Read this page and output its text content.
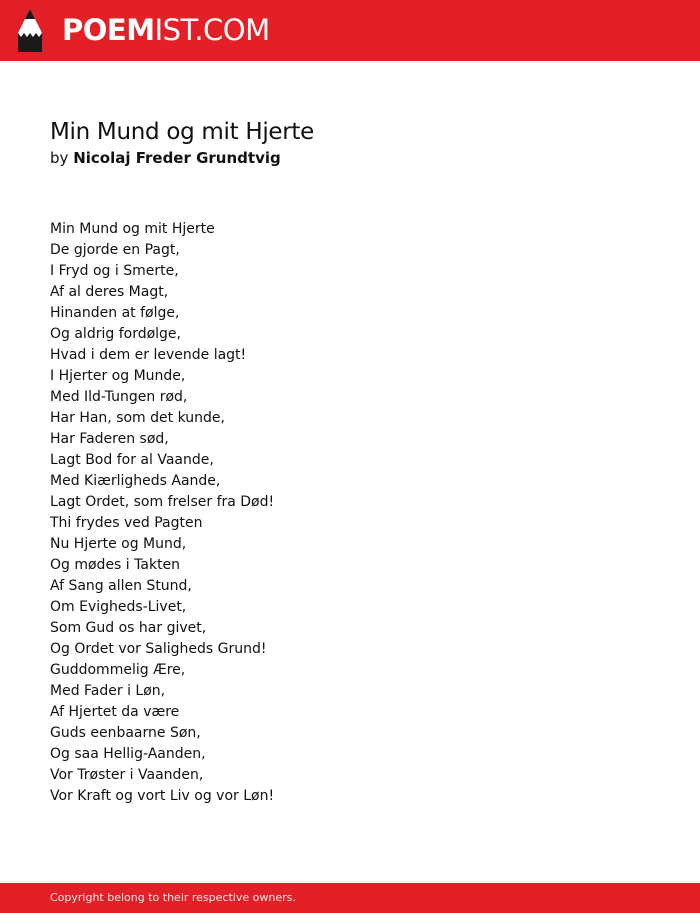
POEMIST.COM
Min Mund og mit Hjerte
by Nicolaj Freder Grundtvig
Min Mund og mit Hjerte
De gjorde en Pagt,
I Fryd og i Smerte,
Af al deres Magt,
Hinanden at følge,
Og aldrig fordølge,
Hvad i dem er levende lagt!
I Hjerter og Munde,
Med Ild-Tungen rød,
Har Han, som det kunde,
Har Faderen sød,
Lagt Bod for al Vaande,
Med Kiærligheds Aande,
Lagt Ordet, som frelser fra Død!
Thi frydes ved Pagten
Nu Hjerte og Mund,
Og mødes i Takten
Af Sang allen Stund,
Om Evigheds-Livet,
Som Gud os har givet,
Og Ordet vor Saligheds Grund!
Guddommelig Ære,
Med Fader i Løn,
Af Hjertet da være
Guds eenbaarne Søn,
Og saa Hellig-Aanden,
Vor Trøster i Vaanden,
Vor Kraft og vort Liv og vor Løn!
Copyright belong to their respective owners.
